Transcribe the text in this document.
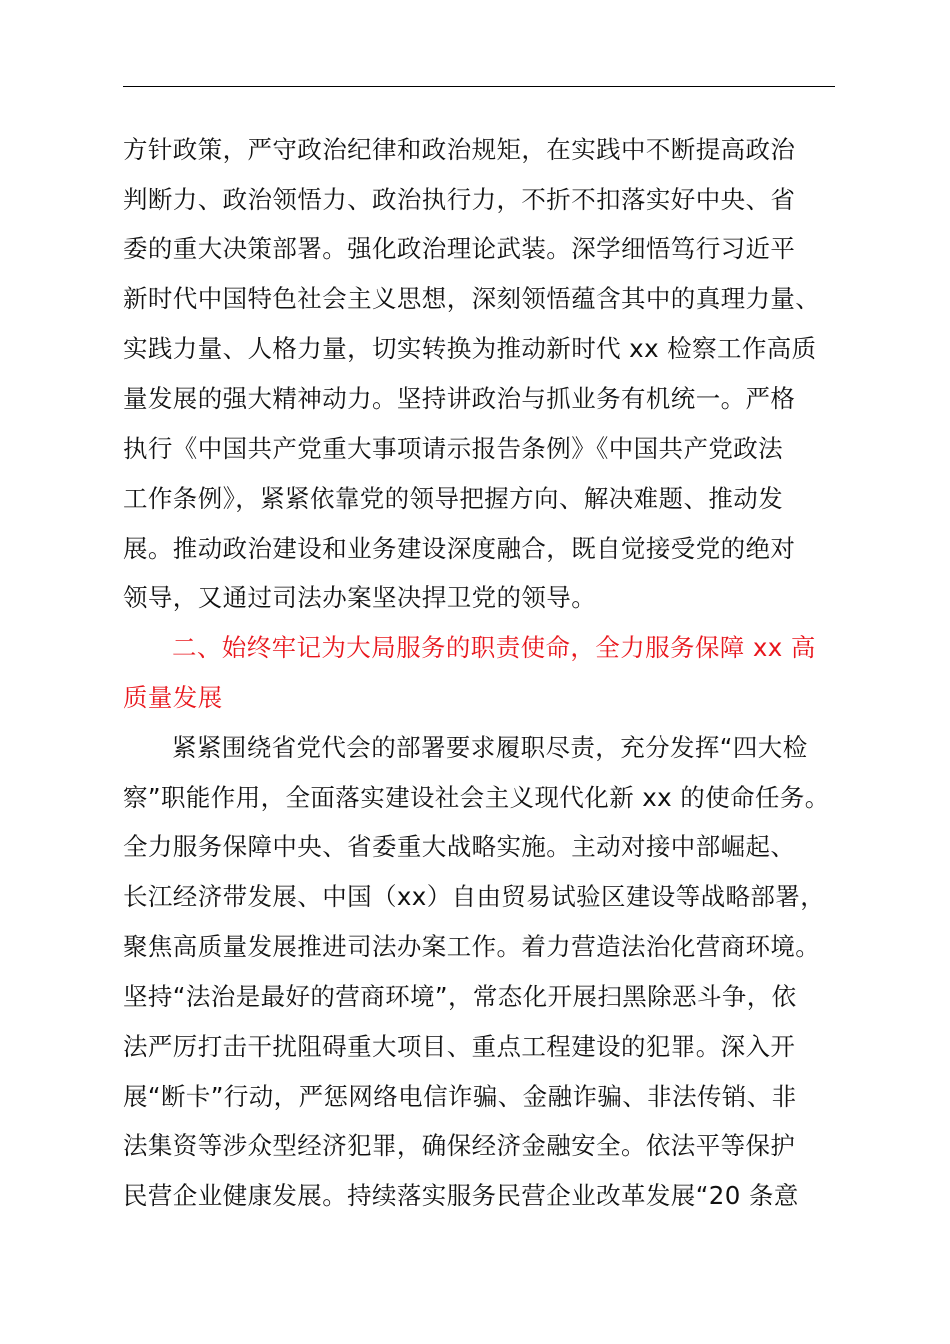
方针政策，严守政治纪律和政治规矩，在实践中不断提高政治
判断力、政治领悟力、政治执行力，不折不扣落实好中央、省
委的重大决策部署。强化政治理论武装。深学细悟笃行习近平
新时代中国特色社会主义思想，深刻领悟蕴含其中的真理力量、
实践力量、人格力量，切实转换为推动新时代 xx 检察工作高质
量发展的强大精神动力。坚持讲政治与抓业务有机统一。严格
执行《中国共产党重大事项请示报告条例》《中国共产党政法
工作条例》，紧紧依靠党的领导把握方向、解决难题、推动发
展。推动政治建设和业务建设深度融合，既自觉接受党的绝对
领导，又通过司法办案坚决捍卫党的领导。
二、始终牢记为大局服务的职责使命，全力服务保障 xx 高
质量发展
紧紧围绕省党代会的部署要求履职尽责，充分发挥“四大检
察”职能作用，全面落实建设社会主义现代化新 xx 的使命任务。
全力服务保障中央、省委重大战略实施。主动对接中部崛起、
长江经济带发展、中国（xx）自由贸易试验区建设等战略部署，
聚焦高质量发展推进司法办案工作。着力营造法治化营商环境。
坚持“法治是最好的营商环境”，常态化开展扫黑除恶斗争，依
法严厉打击干扰阻碍重大项目、重点工程建设的犯罪。深入开
展“断卡”行动，严惩网络电信诈骗、金融诈骗、非法传销、非
法集资等涉众型经济犯罪，确保经济金融安全。依法平等保护
民营企业健康发展。持续落实服务民营企业改革发展“20 条意
